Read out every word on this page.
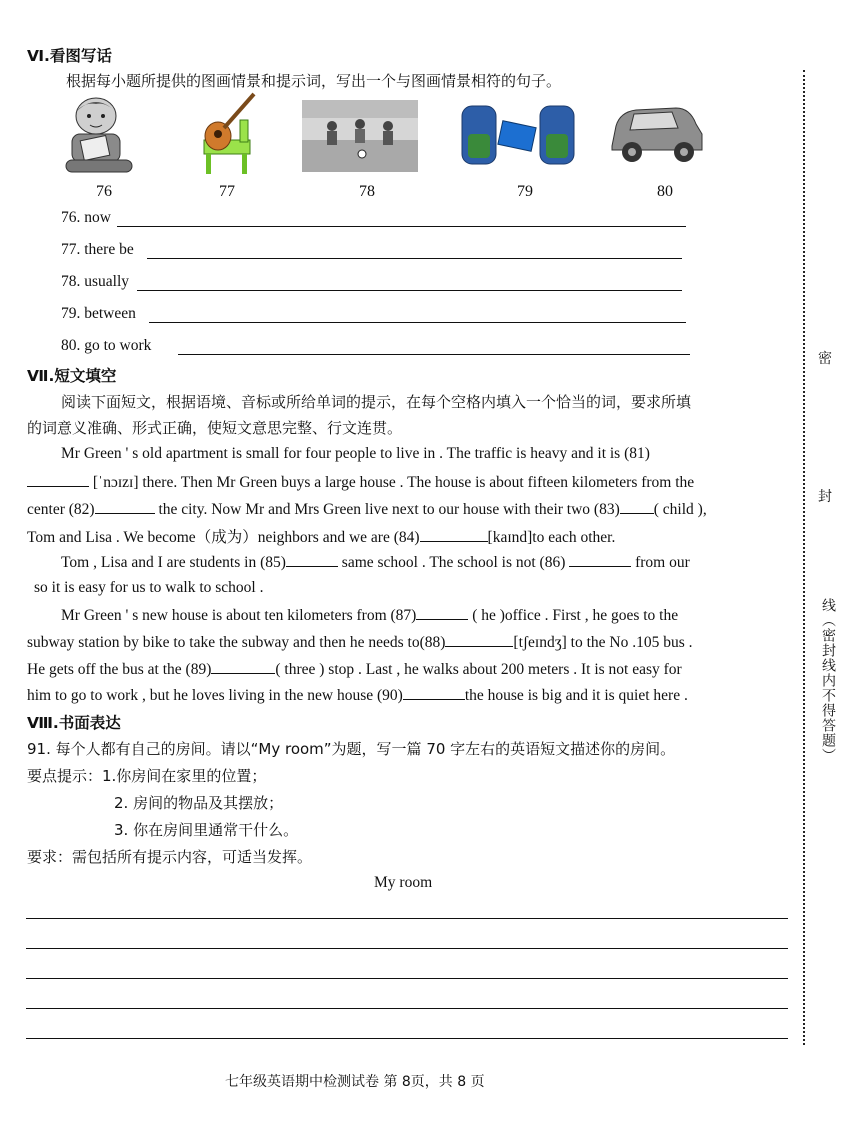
Ⅵ.看图写话
根据每小题所提供的图画情景和提示词，写出一个与图画情景相符的句子。
76	77	78	79	80
76. now
77. there be
78. usually
79. between
80. go to work
Ⅶ.短文填空
阅读下面短文，根据语境、音标或所给单词的提示，在每个空格内填入一个恰当的词，要求所填
的词意义准确、形式正确，使短文意思完整、行文连贯。
Mr Green ' s old apartment is small for four people to live in . The traffic is heavy and it is (81)
[ˈnɔɪzɪ] there. Then Mr Green buys a large house . The house is about fifteen kilometers from the
center (82)	the city. Now Mr and Mrs Green live next to our house with their two (83) ( child ),
Tom and Lisa . We become（成为）neighbors and we are (84)	[kaɪnd]to each other.
Tom , Lisa and I are students in (85)	same school . The school is not (86)	from our
so it is easy for us to walk to school .
Mr Green ' s new house is about ten kilometers from (87)	( he )office . First , he goes to the
subway station by bike to take the subway and then he needs to(88)	[tʃeɪndʒ] to the No .105 bus .
He gets off the bus at the (89)	( three ) stop . Last , he walks about 200 meters . It is not easy for
him to go to work , but he loves living in the new house (90)	the house is big and it is quiet here .
Ⅷ.书面表达
91. 每个人都有自己的房间。请以“My room”为题，写一篇 70 字左右的英语短文描述你的房间。
要点提示：1.你房间在家里的位置；
2. 房间的物品及其摆放；
3. 你在房间里通常干什么。
要求：需包括所有提示内容，可适当发挥。
My room
密
封
线（密封线内不得答题）
七年级英语期中检测试卷 第 8页，共 8 页
